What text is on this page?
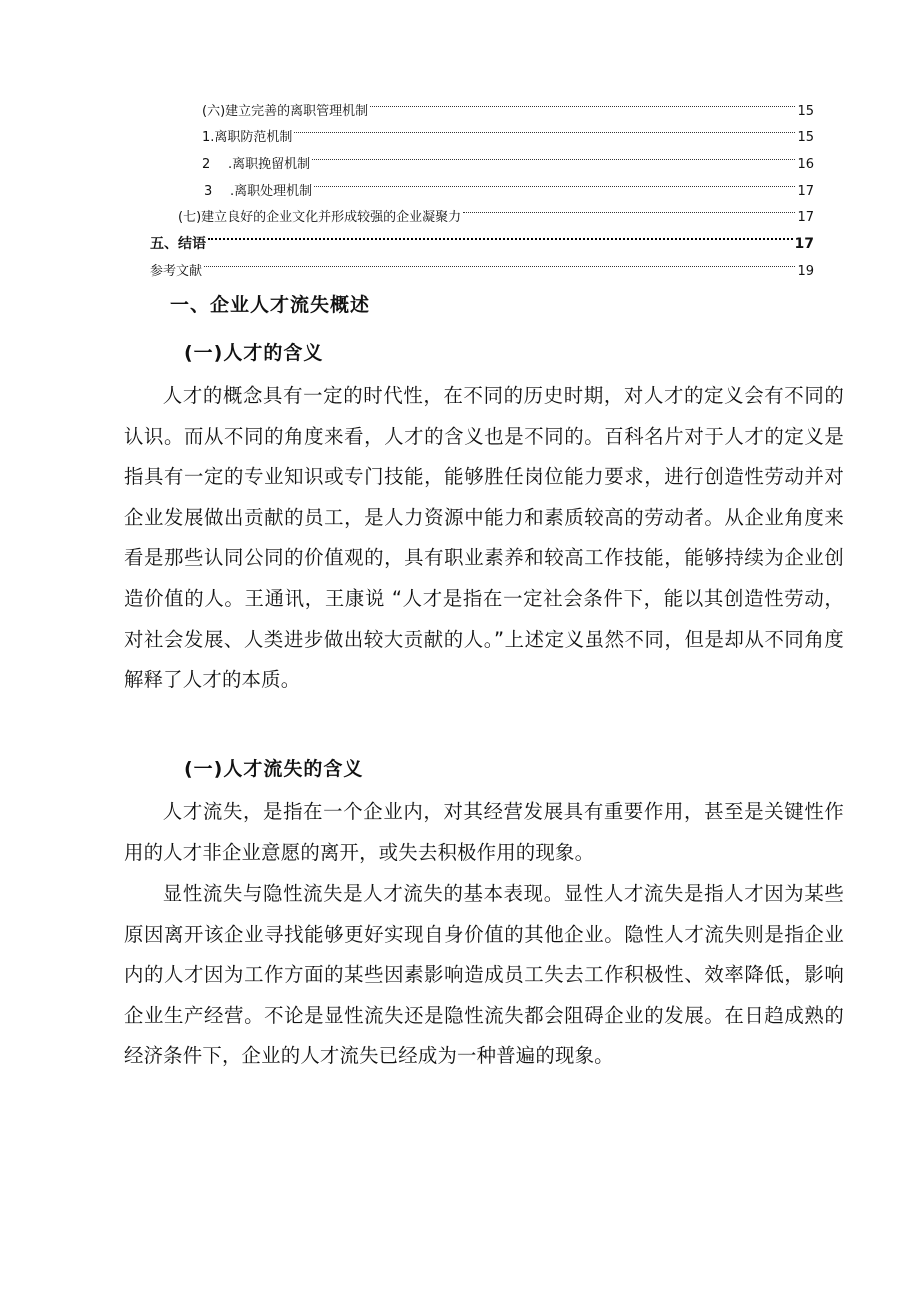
(六)建立完善的离职管理机制	15
1.离职防范机制	15
2 .离职挽留机制	16
3 .离职处理机制	17
(七)建立良好的企业文化并形成较强的企业凝聚力	17
五、结语	17
参考文献	19
一、企业人才流失概述
(一)人才的含义

人才的概念具有一定的时代性，在不同的历史时期，对人才的定义会有不同的认识。而从不同的角度来看，人才的含义也是不同的。百科名片对于人才的定义是指具有一定的专业知识或专门技能，能够胜任岗位能力要求，进行创造性劳动并对企业发展做出贡献的员工，是人力资源中能力和素质较高的劳动者。从企业角度来看是那些认同公同的价值观的，具有职业素养和较高工作技能，能够持续为企业创造价值的人。王通讯，王康说 “人才是指在一定社会条件下，能以其创造性劳动，对社会发展、人类进步做出较大贡献的人。”上述定义虽然不同，但是却从不同角度解释了人才的本质。

(一)人才流失的含义

人才流失，是指在一个企业内，对其经营发展具有重要作用，甚至是关键性作用的人才非企业意愿的离开，或失去积极作用的现象。

显性流失与隐性流失是人才流失的基本表现。显性人才流失是指人才因为某些原因离开该企业寻找能够更好实现自身价值的其他企业。隐性人才流失则是指企业内的人才因为工作方面的某些因素影响造成员工失去工作积极性、效率降低，影响企业生产经营。不论是显性流失还是隐性流失都会阻碍企业的发展。在日趋成熟的经济条件下，企业的人才流失已经成为一种普遍的现象。
